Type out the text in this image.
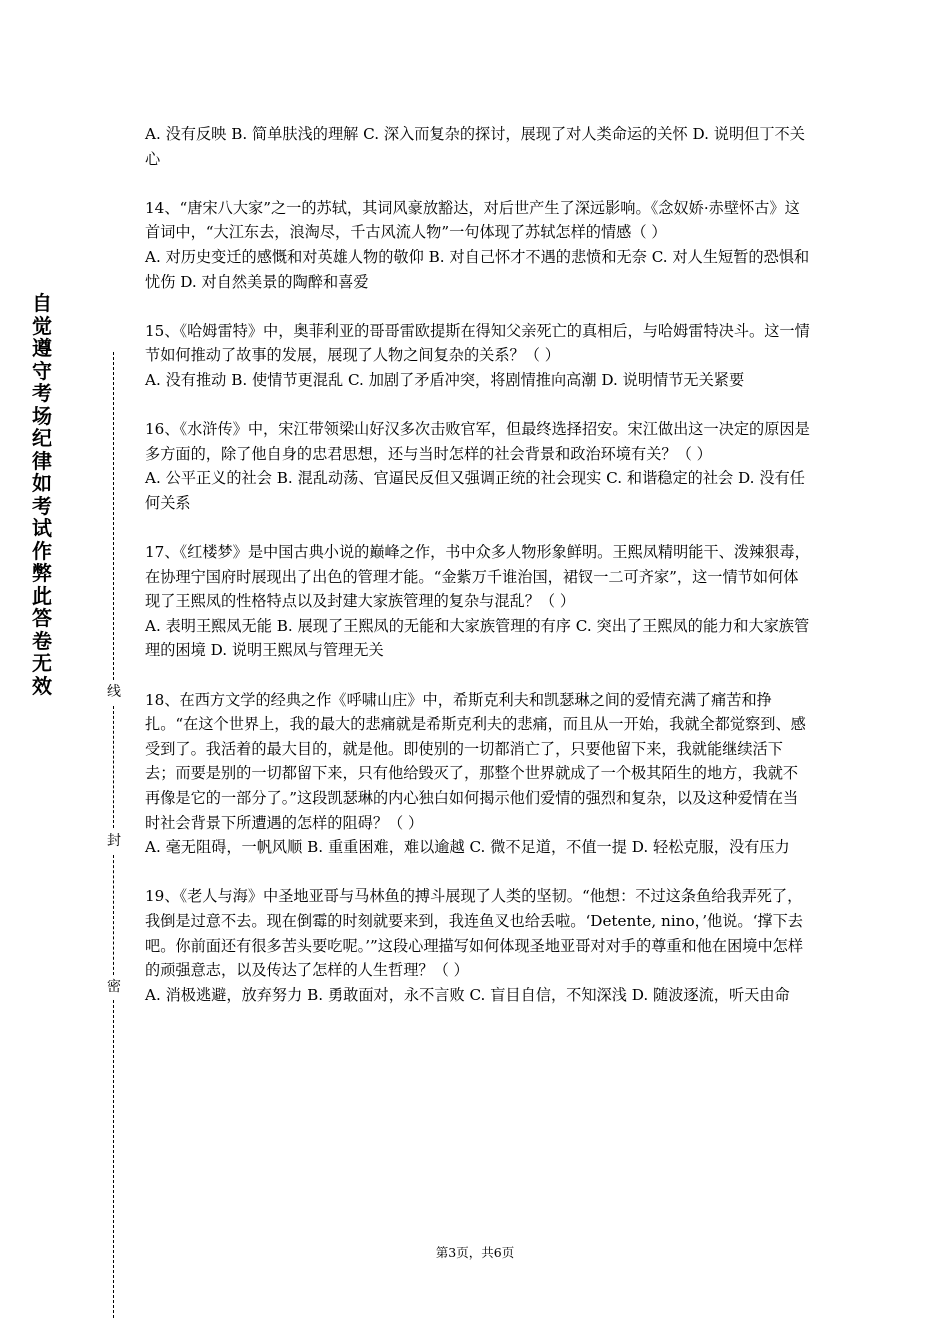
自觉遵守考场纪律如考试作弊此答卷无效	线
封
密

A. 没有反映 B. 简单肤浅的理解 C. 深入而复杂的探讨，展现了对人类命运的关怀 D. 说明但丁不关心

14、“唐宋八大家”之一的苏轼，其词风豪放豁达，对后世产生了深远影响。《念奴娇·赤壁怀古》这首词中，“大江东去，浪淘尽，千古风流人物”一句体现了苏轼怎样的情感（ ）

A. 对历史变迁的感慨和对英雄人物的敬仰 B. 对自己怀才不遇的悲愤和无奈 C. 对人生短暂的恐惧和忧伤 D. 对自然美景的陶醉和喜爱

15、《哈姆雷特》中，奥菲利亚的哥哥雷欧提斯在得知父亲死亡的真相后，与哈姆雷特决斗。这一情节如何推动了故事的发展，展现了人物之间复杂的关系？（ ）

A. 没有推动 B. 使情节更混乱 C. 加剧了矛盾冲突，将剧情推向高潮 D. 说明情节无关紧要

16、《水浒传》中，宋江带领梁山好汉多次击败官军，但最终选择招安。宋江做出这一决定的原因是多方面的，除了他自身的忠君思想，还与当时怎样的社会背景和政治环境有关？（ ）

A. 公平正义的社会 B. 混乱动荡、官逼民反但又强调正统的社会现实 C. 和谐稳定的社会 D. 没有任何关系

17、《红楼梦》是中国古典小说的巅峰之作，书中众多人物形象鲜明。王熙凤精明能干、泼辣狠毒，在协理宁国府时展现出了出色的管理才能。“金紫万千谁治国，裙钗一二可齐家”，这一情节如何体现了王熙凤的性格特点以及封建大家族管理的复杂与混乱？（ ）

A. 表明王熙凤无能 B. 展现了王熙凤的无能和大家族管理的有序 C. 突出了王熙凤的能力和大家族管理的困境 D. 说明王熙凤与管理无关

18、在西方文学的经典之作《呼啸山庄》中，希斯克利夫和凯瑟琳之间的爱情充满了痛苦和挣扎。“在这个世界上，我的最大的悲痛就是希斯克利夫的悲痛，而且从一开始，我就全都觉察到、感受到了。我活着的最大目的，就是他。即使别的一切都消亡了，只要他留下来，我就能继续活下去；而要是别的一切都留下来，只有他给毁灭了，那整个世界就成了一个极其陌生的地方，我就不再像是它的一部分了。”这段凯瑟琳的内心独白如何揭示他们爱情的强烈和复杂，以及这种爱情在当时社会背景下所遭遇的怎样的阻碍？（ ）

A. 毫无阻碍，一帆风顺 B. 重重困难，难以逾越 C. 微不足道，不值一提 D. 轻松克服，没有压力

19、《老人与海》中圣地亚哥与马林鱼的搏斗展现了人类的坚韧。“他想：不过这条鱼给我弄死了，我倒是过意不去。现在倒霉的时刻就要来到，我连鱼叉也给丢啦。‘Detente, nino，’他说。‘撑下去吧。你前面还有很多苦头要吃呢。’”这段心理描写如何体现圣地亚哥对对手的尊重和他在困境中怎样的顽强意志，以及传达了怎样的人生哲理？（ ）

A. 消极逃避，放弃努力 B. 勇敢面对，永不言败 C. 盲目自信，不知深浅 D. 随波逐流，听天由命

第3页，共6页
